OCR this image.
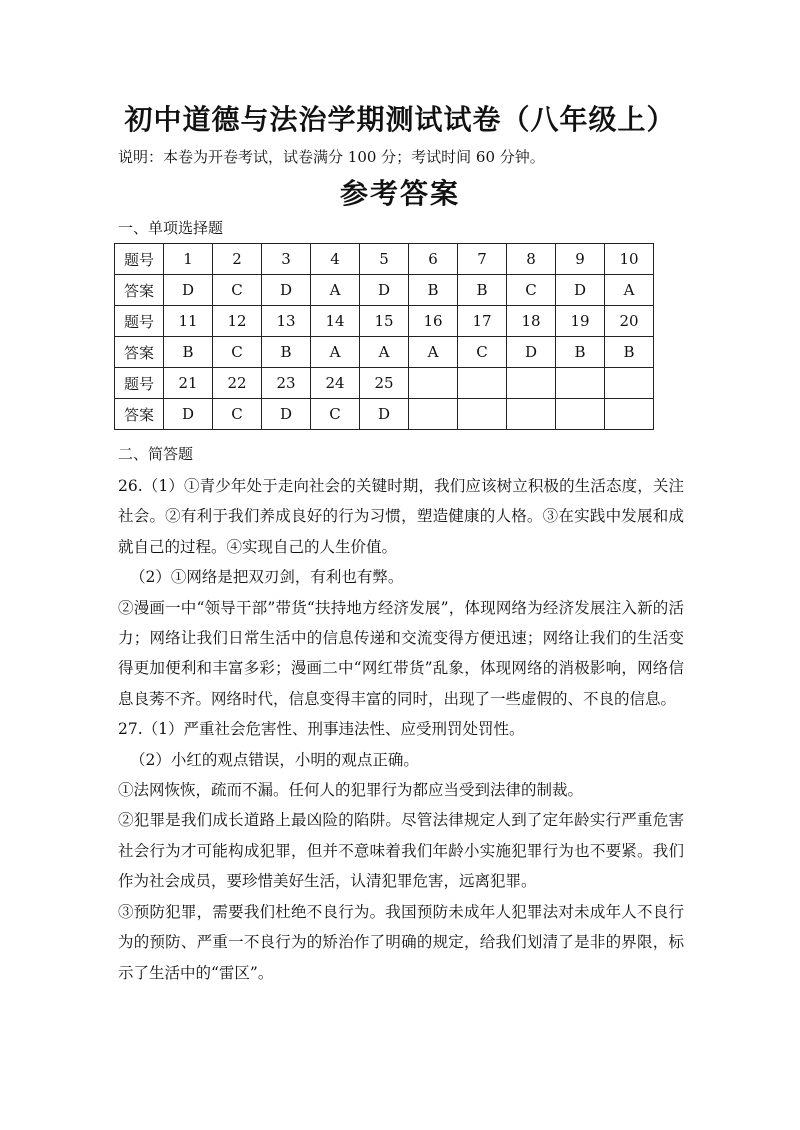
初中道德与法治学期测试试卷（八年级上）
说明：本卷为开卷考试，试卷满分 100 分；考试时间 60 分钟。
参考答案
一、单项选择题
题号	1	2	3	4	5	6	7	8	9	10
答案	D	C	D	A	D	B	B	C	D	A
题号	11	12	13	14	15	16	17	18	19	20
答案	B	C	B	A	A	A	C	D	B	B
题号	21	22	23	24	25					
答案	D	C	D	C	D					
二、简答题

26.（1）①青少年处于走向社会的关键时期，我们应该树立积极的生活态度，关注社会。②有利于我们养成良好的行为习惯，塑造健康的人格。③在实践中发展和成就自己的过程。④实现自己的人生价值。

（2）①网络是把双刃剑，有利也有弊。

②漫画一中“领导干部”带货“扶持地方经济发展”，体现网络为经济发展注入新的活力；网络让我们日常生活中的信息传递和交流变得方便迅速；网络让我们的生活变得更加便利和丰富多彩；漫画二中“网红带货”乱象，体现网络的消极影响，网络信息良莠不齐。网络时代，信息变得丰富的同时，出现了一些虚假的、不良的信息。

27.（1）严重社会危害性、刑事违法性、应受刑罚处罚性。

（2）小红的观点错误，小明的观点正确。

①法网恢恢，疏而不漏。任何人的犯罪行为都应当受到法律的制裁。

②犯罪是我们成长道路上最凶险的陷阱。尽管法律规定人到了定年龄实行严重危害社会行为才可能构成犯罪，但并不意味着我们年龄小实施犯罪行为也不要紧。我们作为社会成员，要珍惜美好生活，认清犯罪危害，远离犯罪。

③预防犯罪，需要我们杜绝不良行为。我国预防未成年人犯罪法对未成年人不良行为的预防、严重一不良行为的矫治作了明确的规定，给我们划清了是非的界限，标示了生活中的“雷区”。
